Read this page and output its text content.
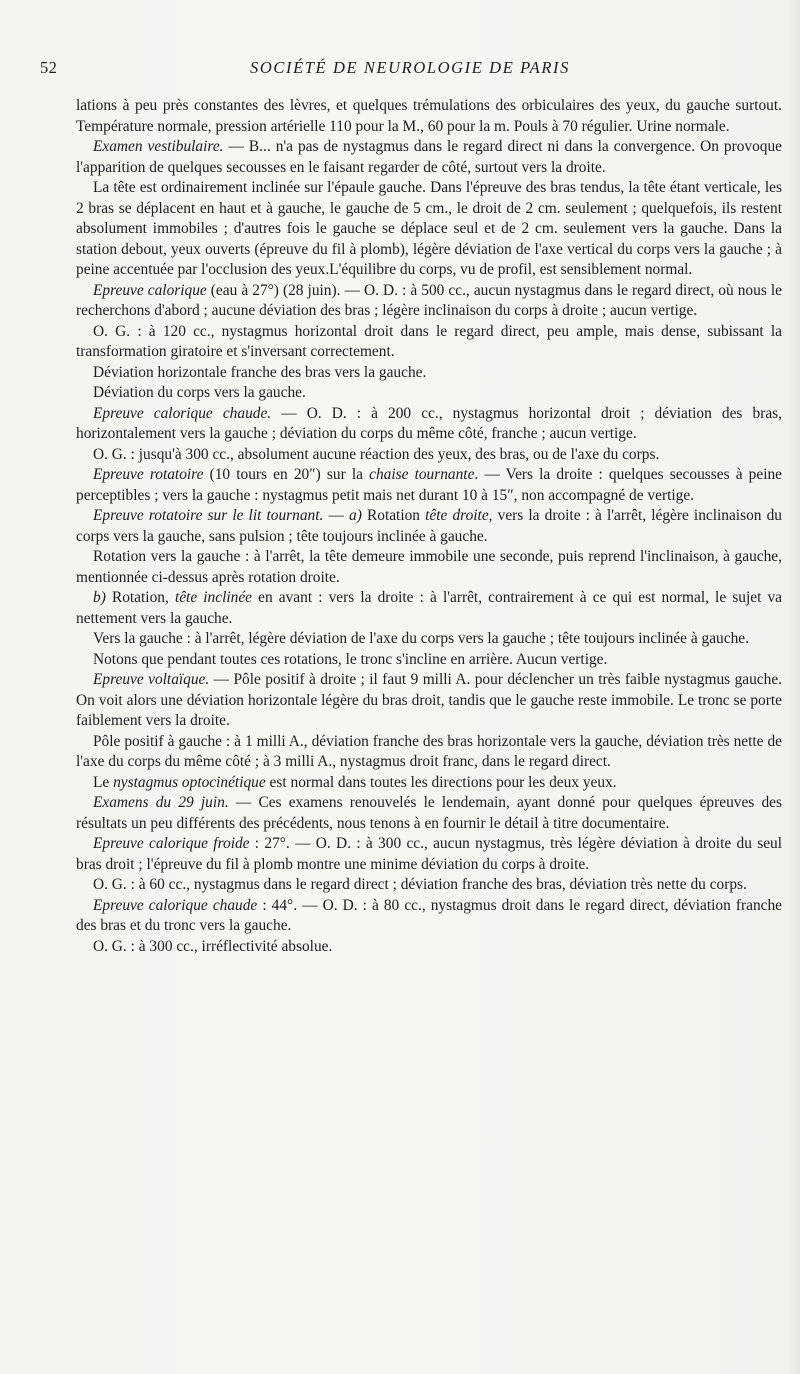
52	SOCIÉTÉ DE NEUROLOGIE DE PARIS

lations à peu près constantes des lèvres, et quelques trémulations des orbiculaires des yeux, du gauche surtout. Température normale, pression artérielle 110 pour la M., 60 pour la m. Pouls à 70 régulier. Urine normale.

Examen vestibulaire. — B... n'a pas de nystagmus dans le regard direct ni dans la convergence. On provoque l'apparition de quelques secousses en le faisant regarder de côté, surtout vers la droite.

La tête est ordinairement inclinée sur l'épaule gauche. Dans l'épreuve des bras tendus, la tête étant verticale, les 2 bras se déplacent en haut et à gauche, le gauche de 5 cm., le droit de 2 cm. seulement ; quelquefois, ils restent absolument immobiles ; d'autres fois le gauche se déplace seul et de 2 cm. seulement vers la gauche. Dans la station debout, yeux ouverts (épreuve du fil à plomb), légère déviation de l'axe vertical du corps vers la gauche ; à peine accentuée par l'occlusion des yeux.L'équilibre du corps, vu de profil, est sensiblement normal.

Epreuve calorique (eau à 27°) (28 juin). — O. D. : à 500 cc., aucun nystagmus dans le regard direct, où nous le recherchons d'abord ; aucune déviation des bras ; légère inclinaison du corps à droite ; aucun vertige.

O. G. : à 120 cc., nystagmus horizontal droit dans le regard direct, peu ample, mais dense, subissant la transformation giratoire et s'inversant correctement.

Déviation horizontale franche des bras vers la gauche.

Déviation du corps vers la gauche.

Epreuve calorique chaude. — O. D. : à 200 cc., nystagmus horizontal droit ; déviation des bras, horizontalement vers la gauche ; déviation du corps du même côté, franche ; aucun vertige.

O. G. : jusqu'à 300 cc., absolument aucune réaction des yeux, des bras, ou de l'axe du corps.

Epreuve rotatoire (10 tours en 20″) sur la chaise tournante. — Vers la droite : quelques secousses à peine perceptibles ; vers la gauche : nystagmus petit mais net durant 10 à 15″, non accompagné de vertige.

Epreuve rotatoire sur le lit tournant. — a) Rotation tête droite, vers la droite : à l'arrêt, légère inclinaison du corps vers la gauche, sans pulsion ; tête toujours inclinée à gauche.

Rotation vers la gauche : à l'arrêt, la tête demeure immobile une seconde, puis reprend l'inclinaison, à gauche, mentionnée ci-dessus après rotation droite.

b) Rotation, tête inclinée en avant : vers la droite : à l'arrêt, contrairement à ce qui est normal, le sujet va nettement vers la gauche.

Vers la gauche : à l'arrêt, légère déviation de l'axe du corps vers la gauche ; tête toujours inclinée à gauche.

Notons que pendant toutes ces rotations, le tronc s'incline en arrière. Aucun vertige.

Epreuve voltaïque. — Pôle positif à droite ; il faut 9 milli A. pour déclencher un très faible nystagmus gauche. On voit alors une déviation horizontale légère du bras droit, tandis que le gauche reste immobile. Le tronc se porte faiblement vers la droite.

Pôle positif à gauche : à 1 milli A., déviation franche des bras horizontale vers la gauche, déviation très nette de l'axe du corps du même côté ; à 3 milli A., nystagmus droit franc, dans le regard direct.

Le nystagmus optocinétique est normal dans toutes les directions pour les deux yeux.

Examens du 29 juin. — Ces examens renouvelés le lendemain, ayant donné pour quelques épreuves des résultats un peu différents des précédents, nous tenons à en fournir le détail à titre documentaire.

Epreuve calorique froide : 27°. — O. D. : à 300 cc., aucun nystagmus, très légère déviation à droite du seul bras droit ; l'épreuve du fil à plomb montre une minime déviation du corps à droite.

O. G. : à 60 cc., nystagmus dans le regard direct ; déviation franche des bras, déviation très nette du corps.

Epreuve calorique chaude : 44°. — O. D. : à 80 cc., nystagmus droit dans le regard direct, déviation franche des bras et du tronc vers la gauche.

O. G. : à 300 cc., irréflectivité absolue.
